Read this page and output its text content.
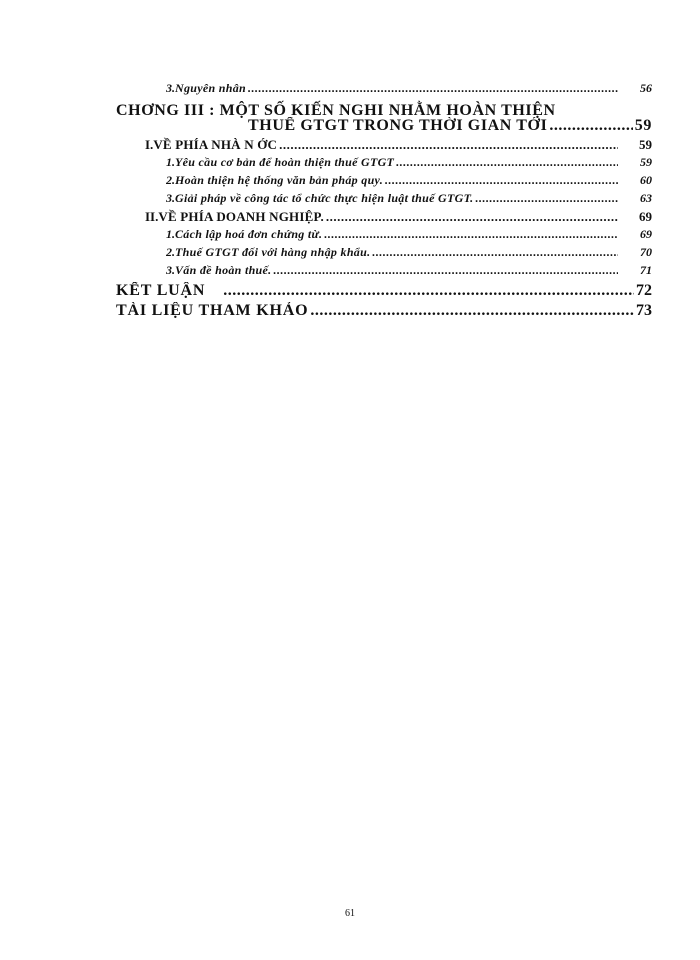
3. Nguyên nhân .....	56
CHƠNG III : MỘT SỐ KIẾN NGHI NHẰM HOÀN THIỆN
THUẾ GTGT TRONG THỜI GIAN TỚI .....	59
I. VỀ PHÍA NHÀ N ỚC .....	59
1. Yêu cầu cơ bản để hoàn thiện thuế GTGT .....	59
2. Hoàn thiện hệ thống văn bản pháp quy. .....	60
3. Giải pháp về công tác tổ chức thực hiện luật thuế GTGT. .....	63
II. VỀ PHÍA DOANH NGHIỆP. .....	69
1. Cách lập hoá đơn chứng từ. .....	69
2. Thuế GTGT đối với hàng nhập khẩu. .....	70
3. Vấn đề hoàn thuế. .....	71
KẾT LUẬN .....	72
TÀI LIỆU THAM KHẢO .....	73
61
